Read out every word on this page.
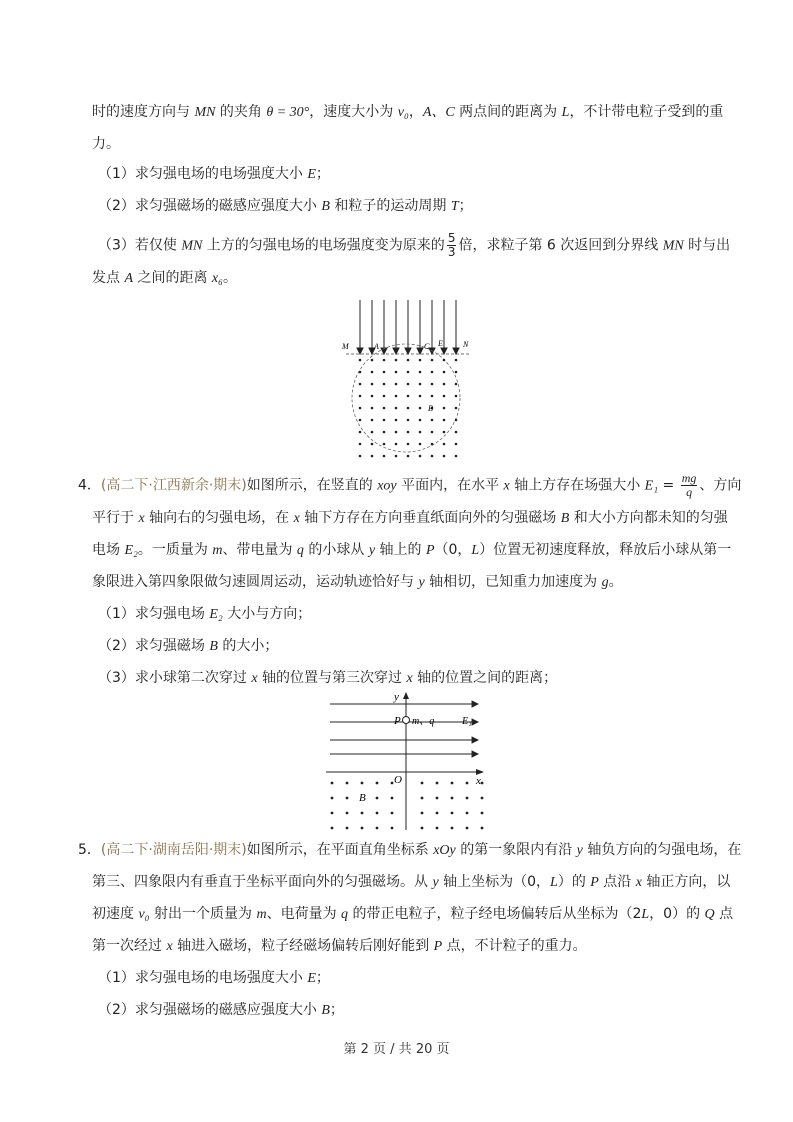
时的速度方向与 MN 的夹角 θ = 30°，速度大小为 v₀，A、C 两点间的距离为 L，不计带电粒子受到的重
力。
（1）求匀强电场的电场强度大小 E；
（2）求匀强磁场的磁感应强度大小 B 和粒子的运动周期 T；
（3）若仅使 MN 上方的匀强电场的电场强度变为原来的 $\frac{5}{3}$ 倍，求粒子第 6 次返回到分界线 MN 时与出
发点 A 之间的距离 x₆。
M	A	C E	N
B
4．(高二下·江西新余·期末)如图所示，在竖直的 xoy 平面内，在水平 x 轴上方存在场强大小 $E_1 = \frac{mg}{q}$ 、方向
平行于 x 轴向右的匀强电场，在 x 轴下方存在方向垂直纸面向外的匀强磁场 B 和大小方向都未知的匀强
电场 E₂。一质量为 m、带电量为 q 的小球从 y 轴上的 P（0，L）位置无初速度释放，释放后小球从第一
象限进入第四象限做匀速圆周运动，运动轨迹恰好与 y 轴相切，已知重力加速度为 g。
（1）求匀强电场 E₂ 大小与方向；
（2）求匀强磁场 B 的大小；
（3）求小球第二次穿过 x 轴的位置与第三次穿过 x 轴的位置之间的距离；
y
P m、q	E₁
O	x
B
5．(高二下·湖南岳阳·期末)如图所示，在平面直角坐标系 xOy 的第一象限内有沿 y 轴负方向的匀强电场，在
第三、四象限内有垂直于坐标平面向外的匀强磁场。从 y 轴上坐标为（0，L）的 P 点沿 x 轴正方向，以
初速度 v₀ 射出一个质量为 m、电荷量为 q 的带正电粒子，粒子经电场偏转后从坐标为（2L，0）的 Q 点
第一次经过 x 轴进入磁场，粒子经磁场偏转后刚好能到 P 点，不计粒子的重力。
（1）求匀强电场的电场强度大小 E；
（2）求匀强磁场的磁感应强度大小 B；
第 2 页 / 共 20 页
